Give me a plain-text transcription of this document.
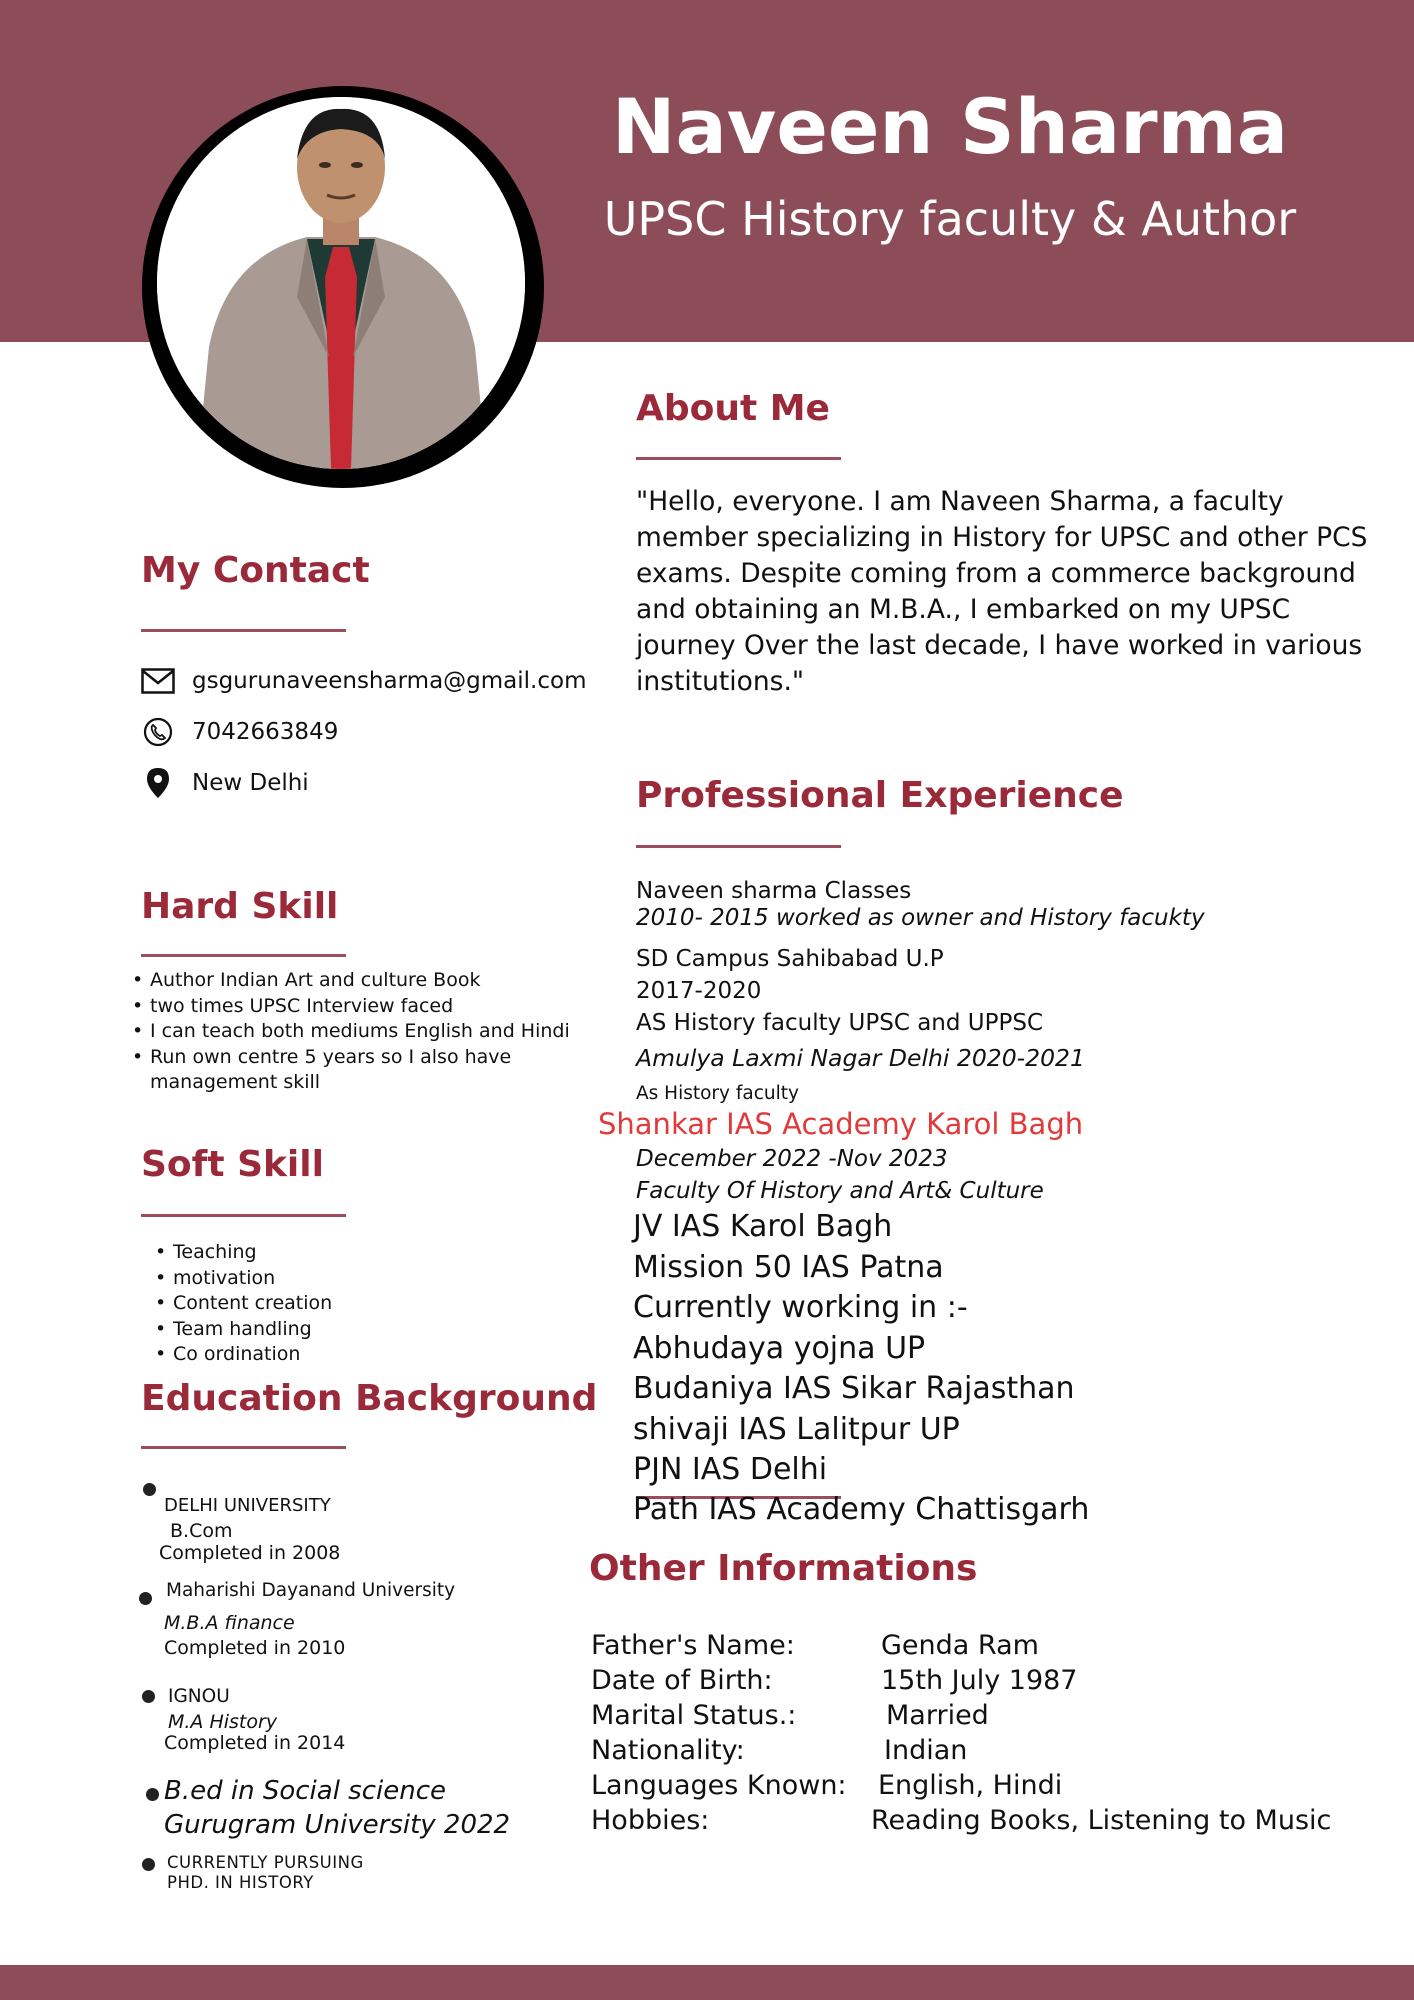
Naveen Sharma
UPSC History faculty & Author
About Me
"Hello, everyone. I am Naveen Sharma, a faculty member specializing in History for UPSC and other PCS exams. Despite coming from a commerce background and obtaining an M.B.A., I embarked on my UPSC journey Over the last decade, I have worked in various institutions."
My Contact
gsgurunaveensharma@gmail.com
7042663849
New Delhi
Hard Skill
• Author Indian Art and culture Book
• two times UPSC Interview faced
• I can teach both mediums English and Hindi
• Run own centre 5 years so I also have management skill
Soft Skill
• Teaching
• motivation
• Content creation
• Team handling
• Co ordination
Education Background
DELHI UNIVERSITY
B.Com
Completed in 2008
Maharishi Dayanand University
M.B.A finance
Completed in 2010
IGNOU
M.A History
Completed in 2014
B.ed in Social science
Gurugram University 2022
CURRENTLY PURSUING
PHD. IN HISTORY
Professional Experience
Naveen sharma Classes
2010- 2015 worked as owner and History facukty
SD Campus Sahibabad U.P
2017-2020
AS History faculty UPSC and UPPSC
Amulya Laxmi Nagar Delhi 2020-2021
As History faculty
Shankar IAS Academy Karol Bagh
December 2022 -Nov 2023
Faculty Of History and Art& Culture
JV IAS Karol Bagh
Mission 50 IAS Patna
Currently working in :-
Abhudaya yojna UP
Budaniya IAS Sikar Rajasthan
shivaji IAS Lalitpur UP
PJN IAS Delhi
Path IAS Academy Chattisgarh
Other Informations
Father's Name:	Genda Ram
Date of Birth:	15th July 1987
Marital Status.:	Married
Nationality:	Indian
Languages Known: English, Hindi
Hobbies:	Reading Books, Listening to Music
